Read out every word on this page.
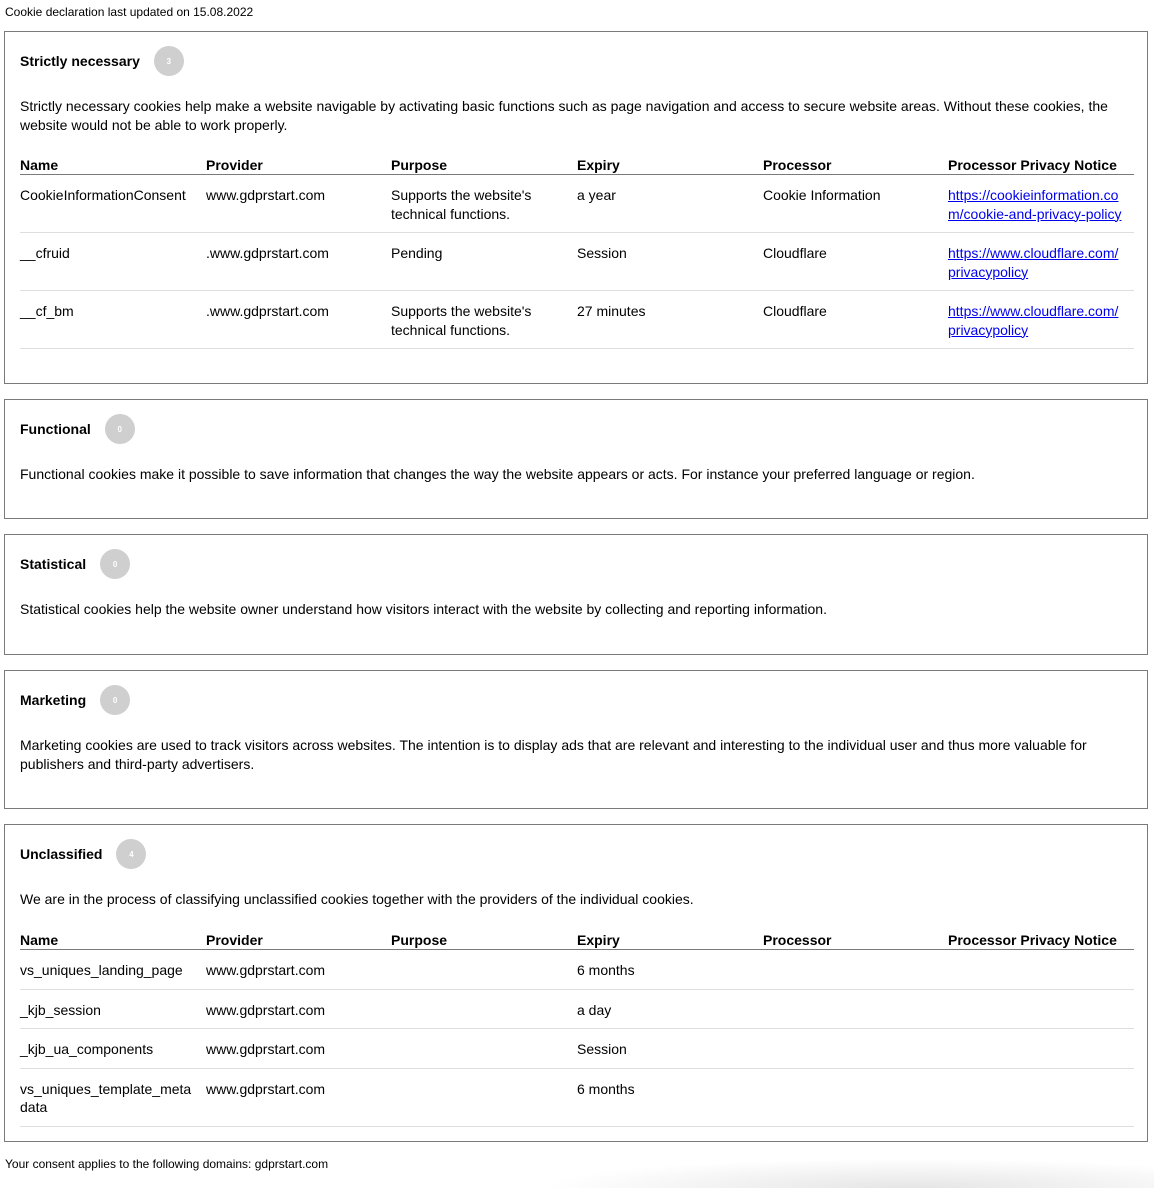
Cookie declaration last updated on 15.08.2022
Strictly necessary	3
Strictly necessary cookies help make a website navigable by activating basic functions such as page navigation and access to secure website areas. Without these cookies, the website would not be able to work properly.
Name	Provider	Purpose	Expiry	Processor	Processor Privacy Notice
CookieInformationConsent	www.gdprstart.com	Supports the website's technical functions.	a year	Cookie Information	https://cookieinformation.com/cookie-and-privacy-policy
__cfruid	.www.gdprstart.com	Pending	Session	Cloudflare	https://www.cloudflare.com/privacypolicy
__cf_bm	.www.gdprstart.com	Supports the website's technical functions.	27 minutes	Cloudflare	https://www.cloudflare.com/privacypolicy
Functional	0
Functional cookies make it possible to save information that changes the way the website appears or acts. For instance your preferred language or region.
Statistical	0
Statistical cookies help the website owner understand how visitors interact with the website by collecting and reporting information.
Marketing	0
Marketing cookies are used to track visitors across websites. The intention is to display ads that are relevant and interesting to the individual user and thus more valuable for publishers and third-party advertisers.
Unclassified	4
We are in the process of classifying unclassified cookies together with the providers of the individual cookies.
Name	Provider	Purpose	Expiry	Processor	Processor Privacy Notice
vs_uniques_landing_page	www.gdprstart.com		6 months		
_kjb_session	www.gdprstart.com		a day		
_kjb_ua_components	www.gdprstart.com		Session		
vs_uniques_template_metadata	www.gdprstart.com		6 months		
Your consent applies to the following domains: gdprstart.com
